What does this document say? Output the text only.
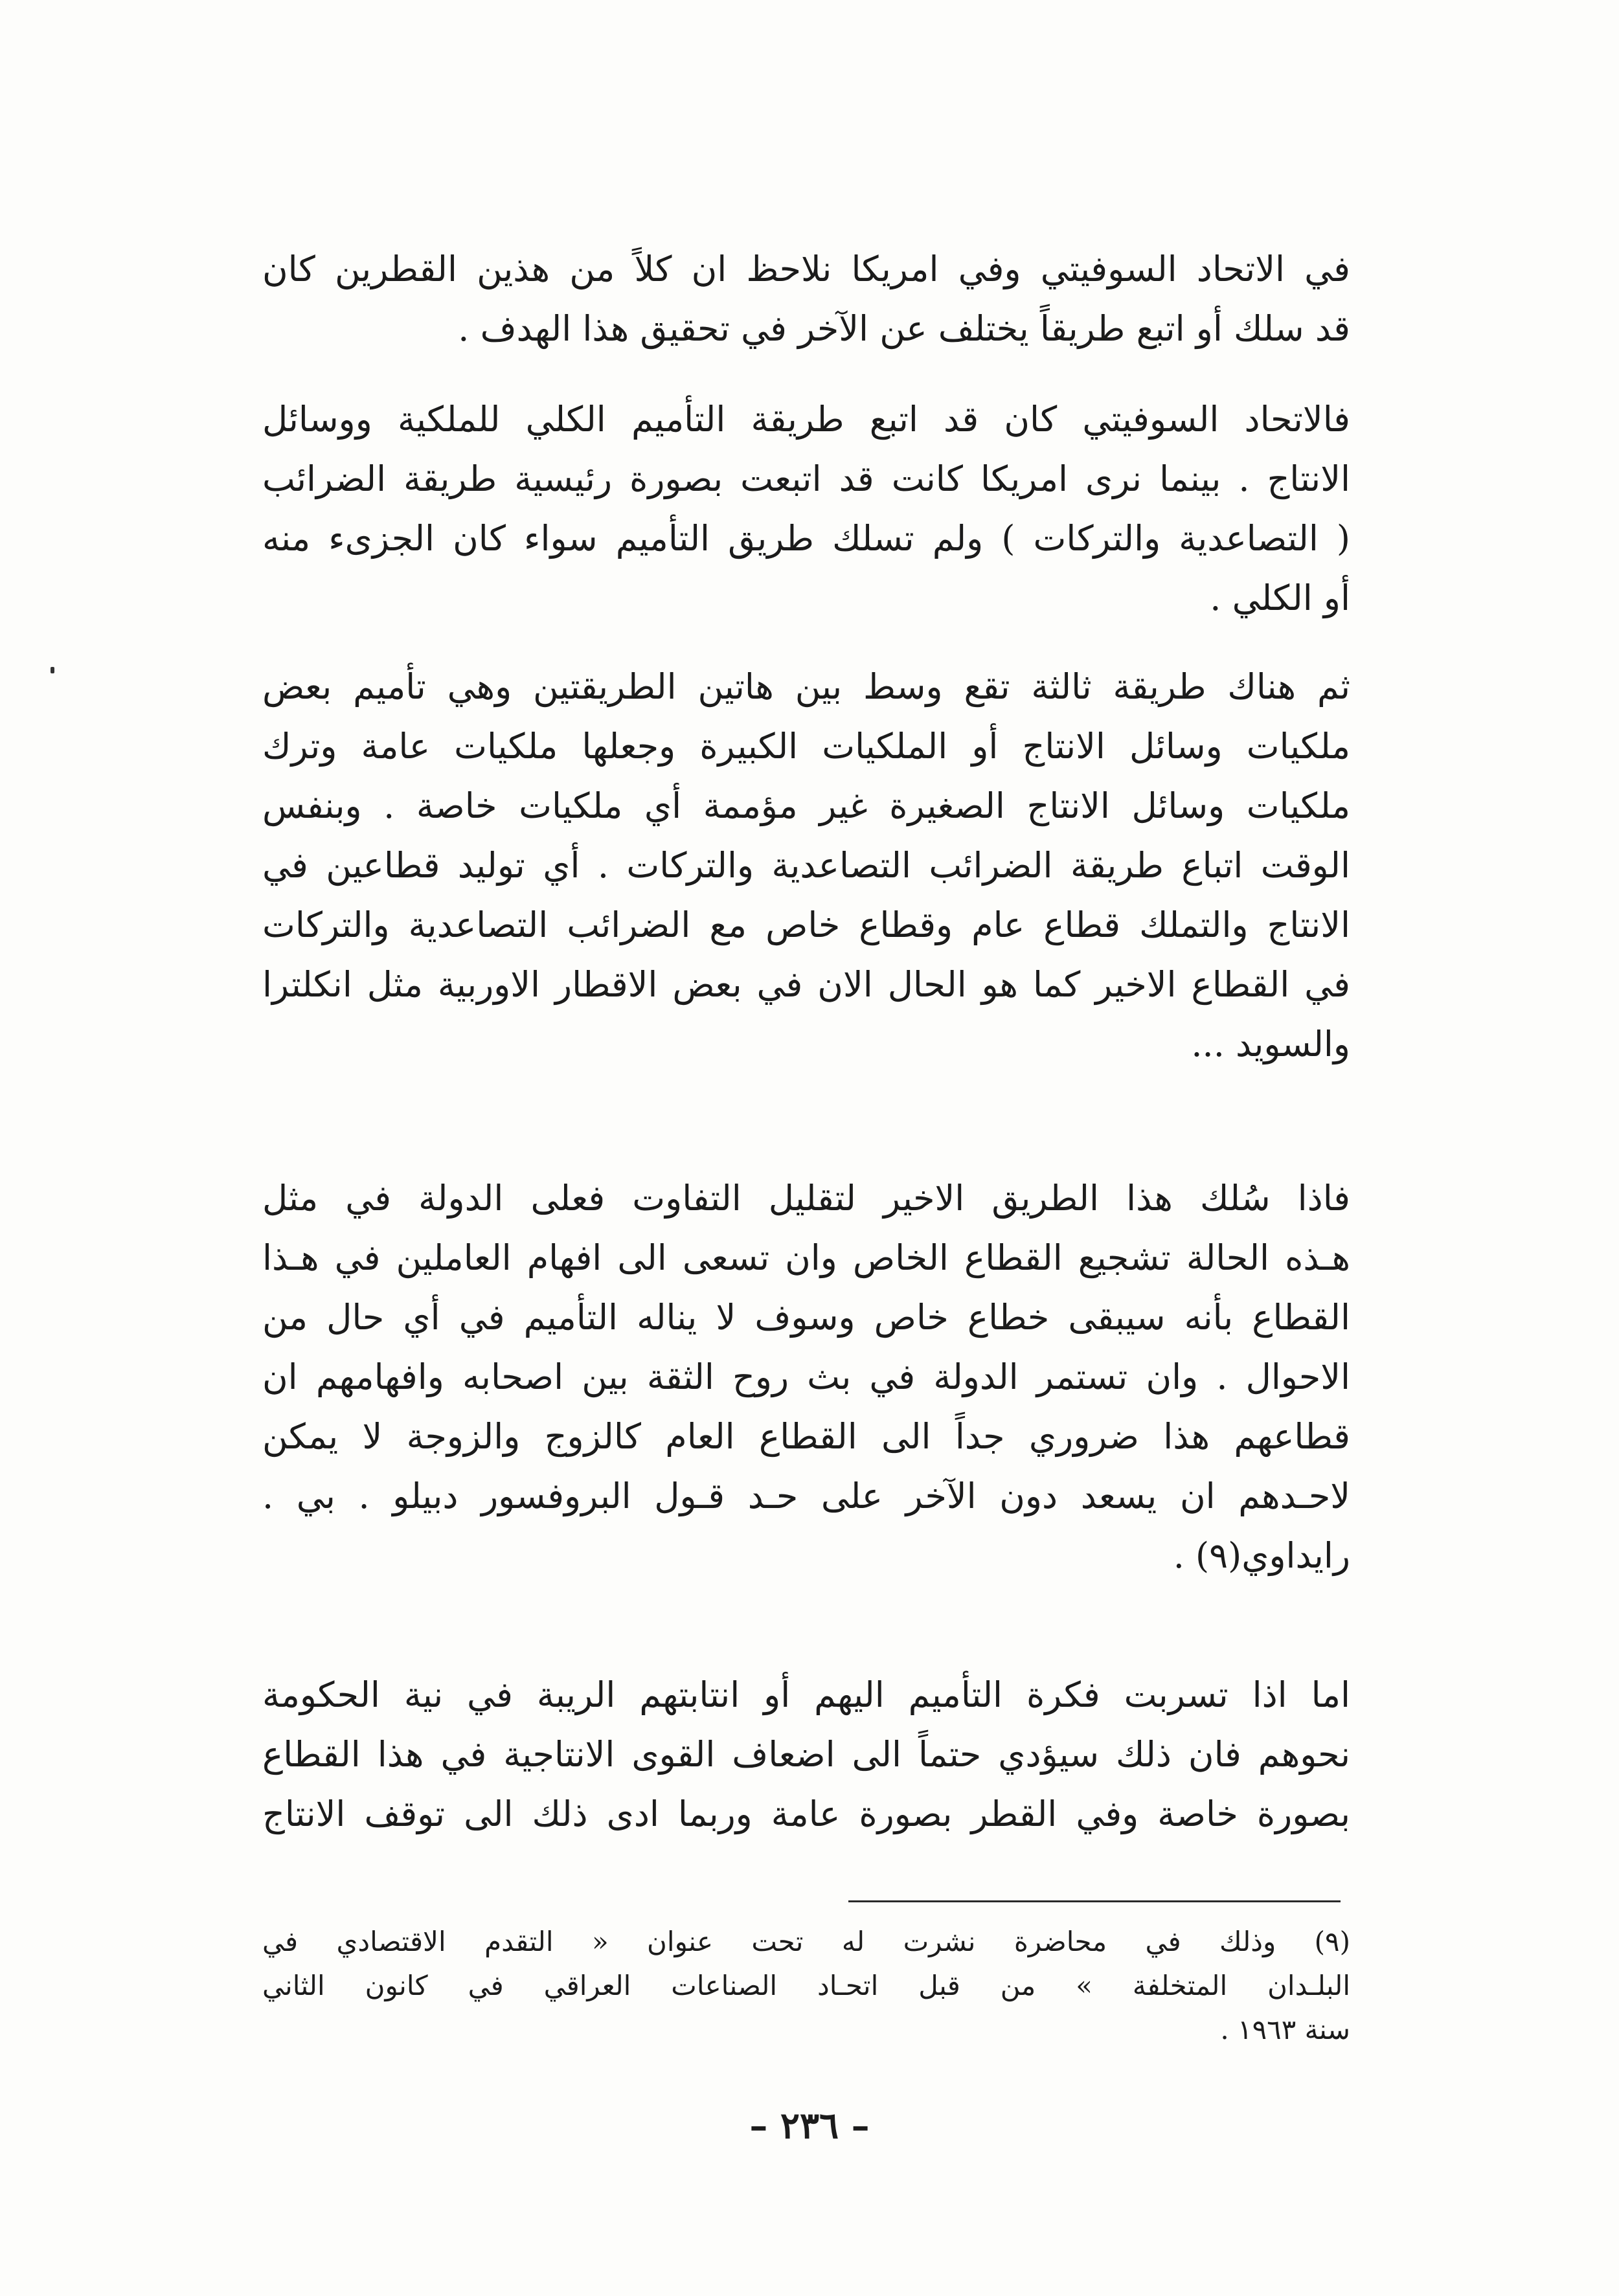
في الاتحاد السوفيتي وفي امريكا نلاحظ ان كلاً من هذين القطرين كان
قد سلك أو اتبع طريقاً يختلف عن الآخر في تحقيق هذا الهدف .
فالاتحاد السوفيتي كان قد اتبع طريقة التأميم الكلي للملكية ووسائل
الانتاج . بينما نرى امريكا كانت قد اتبعت بصورة رئيسية طريقة الضرائب
( التصاعدية والتركات ) ولم تسلك طريق التأميم سواء كان الجزىء منه
أو الكلي .
ثم هناك طريقة ثالثة تقع وسط بين هاتين الطريقتين وهي تأميم بعض
ملكيات وسائل الانتاج أو الملكيات الكبيرة وجعلها ملكيات عامة وترك
ملكيات وسائل الانتاج الصغيرة غير مؤممة أي ملكيات خاصة . وبنفس
الوقت اتباع طريقة الضرائب التصاعدية والتركات . أي توليد قطاعين في
الانتاج والتملك قطاع عام وقطاع خاص مع الضرائب التصاعدية والتركات
في القطاع الاخير كما هو الحال الان في بعض الاقطار الاوربية مثل انكلترا
والسويد ...
فاذا سُلك هذا الطريق الاخير لتقليل التفاوت فعلى الدولة في مثل
هـذه الحالة تشجيع القطاع الخاص وان تسعى الى افهام العاملين في هـذا
القطاع بأنه سيبقى خطاع خاص وسوف لا يناله التأميم في أي حال من
الاحوال . وان تستمر الدولة في بث روح الثقة بين اصحابه وافهامهم ان
قطاعهم هذا ضروري جداً الى القطاع العام كالزوج والزوجة لا يمكن
لاحـدهم ان يسعد دون الآخر على حـد قـول البروفسور دبيلو . بي .
رايداوي(٩) .
اما اذا تسربت فكرة التأميم اليهم أو انتابتهم الريبة في نية الحكومة
نحوهم فان ذلك سيؤدي حتماً الى اضعاف القوى الانتاجية في هذا القطاع
بصورة خاصة وفي القطر بصورة عامة وربما ادى ذلك الى توقف الانتاج
(٩) وذلك في محاضرة نشرت له تحت عنوان « التقدم الاقتصادي في
البلـدان المتخلفة » من قبل اتحـاد الصناعات العراقي في كانون الثاني
سنة ١٩٦٣ .
– ٢٣٦ –
